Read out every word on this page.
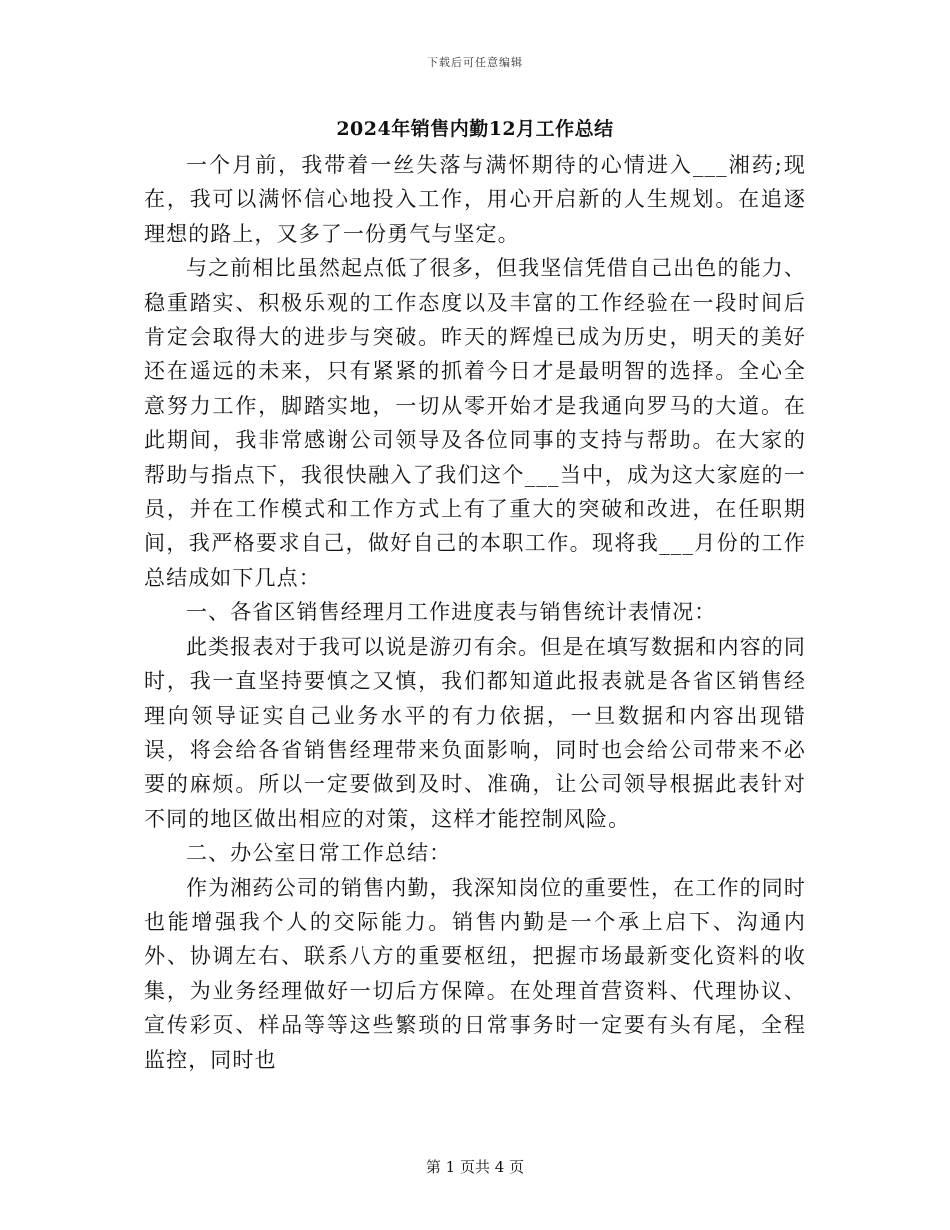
下载后可任意编辑
2024年销售内勤12月工作总结

一个月前，我带着一丝失落与满怀期待的心情进入___湘药;现在，我可以满怀信心地投入工作，用心开启新的人生规划。在追逐理想的路上，又多了一份勇气与坚定。

与之前相比虽然起点低了很多，但我坚信凭借自己出色的能力、稳重踏实、积极乐观的工作态度以及丰富的工作经验在一段时间后肯定会取得大的进步与突破。昨天的辉煌已成为历史，明天的美好还在遥远的未来，只有紧紧的抓着今日才是最明智的选择。全心全意努力工作，脚踏实地，一切从零开始才是我通向罗马的大道。在此期间，我非常感谢公司领导及各位同事的支持与帮助。在大家的帮助与指点下，我很快融入了我们这个___当中，成为这大家庭的一员，并在工作模式和工作方式上有了重大的突破和改进，在任职期间，我严格要求自己，做好自己的本职工作。现将我___月份的工作总结成如下几点：

一、各省区销售经理月工作进度表与销售统计表情况：

此类报表对于我可以说是游刃有余。但是在填写数据和内容的同时，我一直坚持要慎之又慎，我们都知道此报表就是各省区销售经理向领导证实自己业务水平的有力依据，一旦数据和内容出现错误，将会给各省销售经理带来负面影响，同时也会给公司带来不必要的麻烦。所以一定要做到及时、准确，让公司领导根据此表针对不同的地区做出相应的对策，这样才能控制风险。

二、办公室日常工作总结：

作为湘药公司的销售内勤，我深知岗位的重要性，在工作的同时也能增强我个人的交际能力。销售内勤是一个承上启下、沟通内外、协调左右、联系八方的重要枢纽，把握市场最新变化资料的收集，为业务经理做好一切后方保障。在处理首营资料、代理协议、宣传彩页、样品等等这些繁琐的日常事务时一定要有头有尾，全程监控，同时也

第 1 页共 4 页
